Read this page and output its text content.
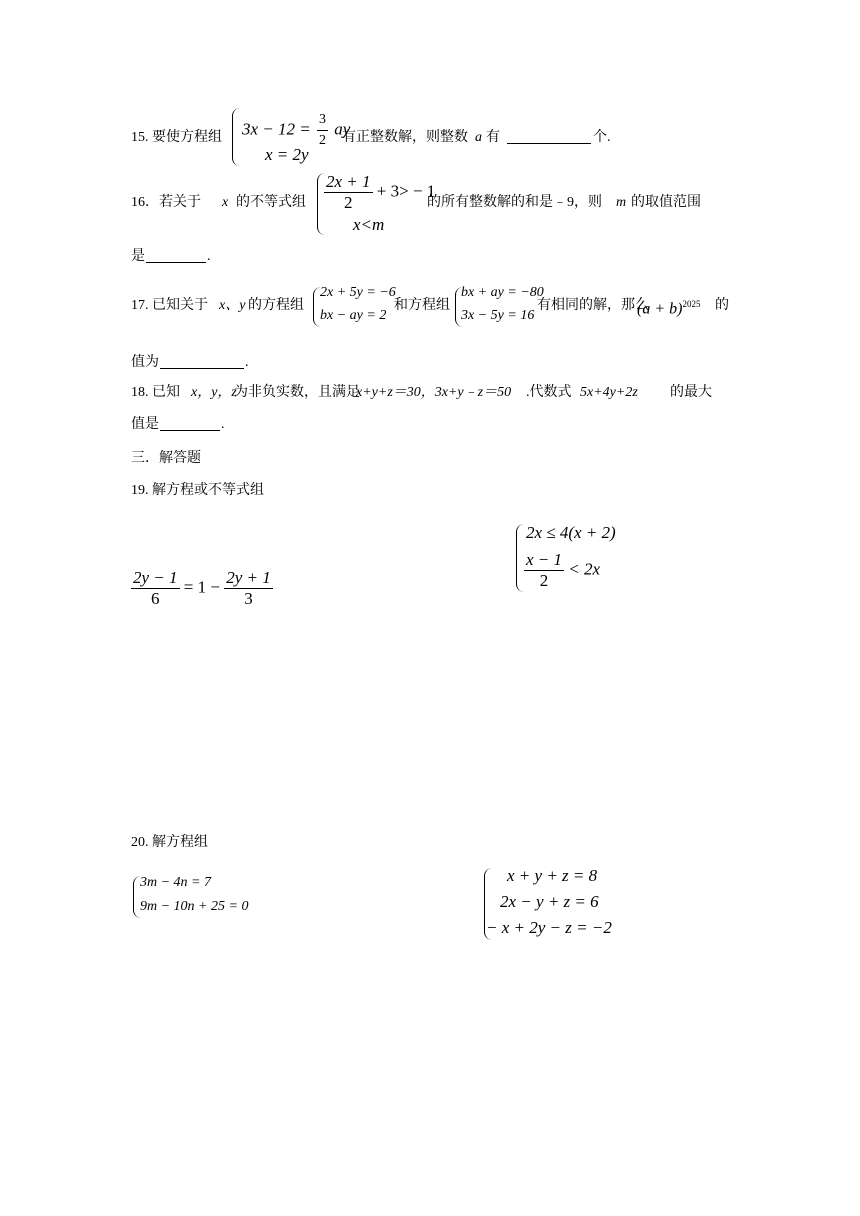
15. 要使方程组 $3x - 12 = \frac{3}{2}$ ay
x = 2y
有正整数解，则整数 a 有	个.
16．若关于 x 的不等式组 $\frac{2x + 1}{2} + 3> - 1$
x<m
的所有整数解的和是﹣9，则 m 的取值范围
是	.
17. 已知关于 x、y 的方程组
2x + 5y = −6
bx − ay = 2
和方程组
bx + ay = −80
3x − 5y = 16
有相同的解，那么
$(a + b)^{2025}$ 的
值为	.
18. 已知 x，y，z
为非负实数，且满足
x+y+z＝30，3x+y﹣z＝50 .代数式 5x+4y+2z 的最大
值是	.
三．解答题
19. 解方程或不等式组
$\frac{2y - 1}{6} = 1 - \frac{2y + 1}{3}$
2x ≤ 4(x + 2)
$\frac{x - 1}{2} < 2x$
20. 解方程组
3m − 4n = 7
9m − 10n + 25 = 0
x + y + z = 8
2x − y + z = 6
− x + 2y − z = −2
